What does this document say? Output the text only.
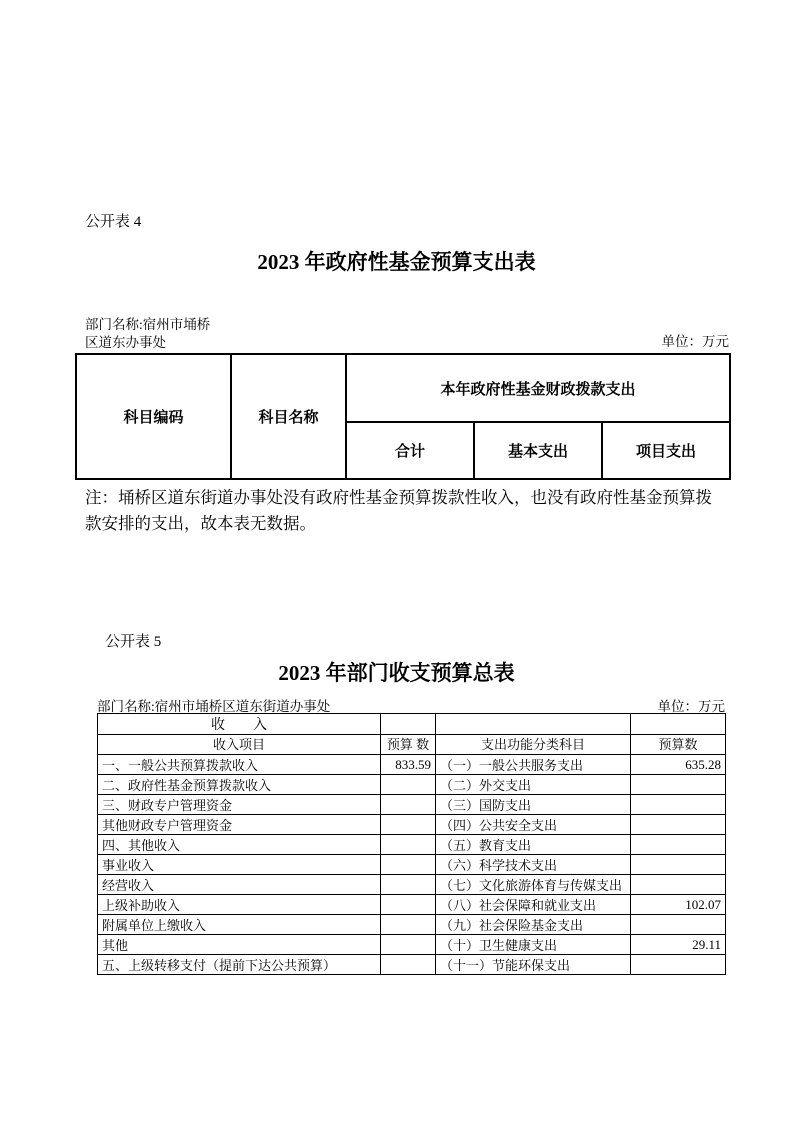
公开表 4
2023 年政府性基金预算支出表
部门名称:宿州市埇桥区道东办事处	单位：万元
科目编码	科目名称	本年政府性基金财政拨款支出		
		合计	基本支出	项目支出
注：埇桥区道东街道办事处没有政府性基金预算拨款性收入，也没有政府性基金预算拨款安排的支出，故本表无数据。
公开表 5
2023 年部门收支预算总表
部门名称:宿州市埇桥区道东街道办事处	单位：万元
收　　入			
收入项目	预算 数	支出功能分类科目	预算数
一、一般公共预算拨款收入	833.59	（一）一般公共服务支出	635.28
二、政府性基金预算拨款收入		（二）外交支出	
三、财政专户管理资金		（三）国防支出	
其他财政专户管理资金		（四）公共安全支出	
四、其他收入		（五）教育支出	
事业收入		（六）科学技术支出	
经营收入		（七）文化旅游体育与传媒支出	
上级补助收入		（八）社会保障和就业支出	102.07
附属单位上缴收入		（九）社会保险基金支出	
其他		（十）卫生健康支出	29.11
五、上级转移支付（提前下达公共预算）		（十一）节能环保支出	
